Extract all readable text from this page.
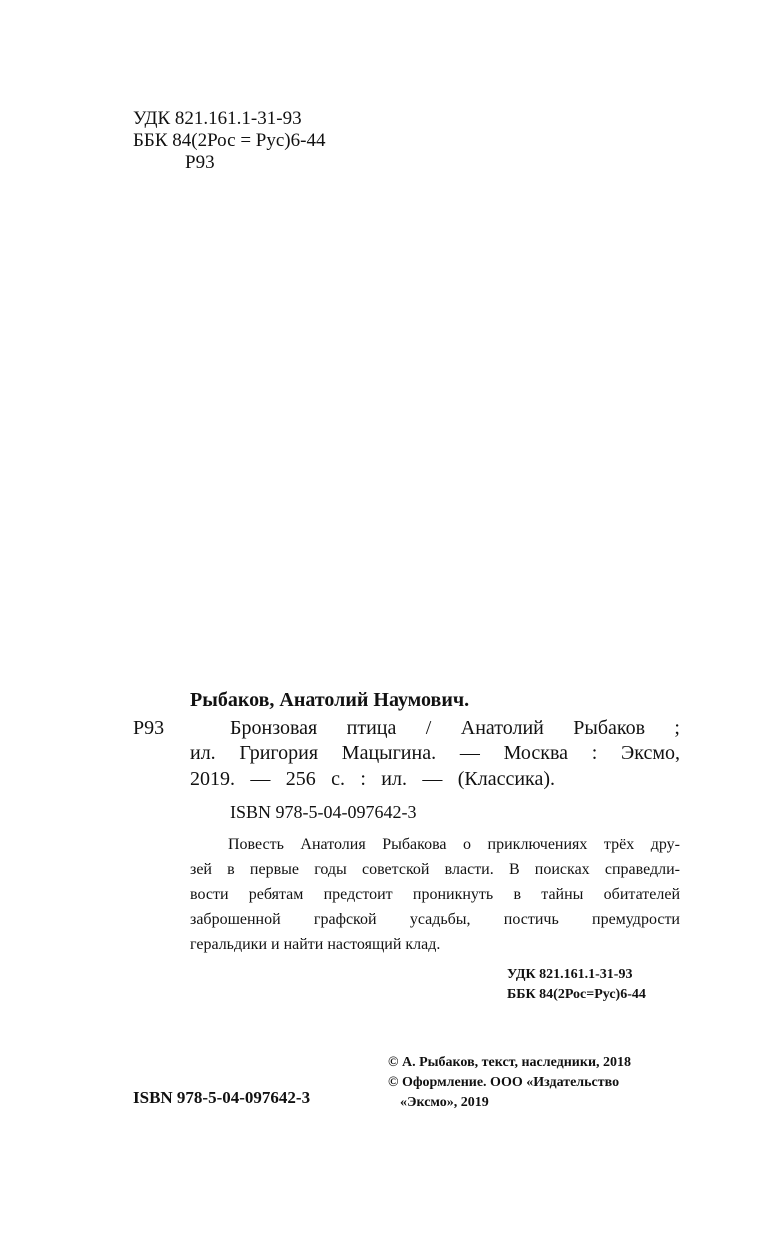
УДК 821.161.1-31-93
ББК 84(2Рос = Рус)6-44
Р93
Рыбаков, Анатолий Наумович.
Р93	Бронзовая птица / Анатолий Рыбаков ;
ил. Григория Мацыгина. — Москва : Эксмо,
2019. — 256 с. : ил. — (Классика).
ISBN 978-5-04-097642-3
Повесть Анатолия Рыбакова о приключениях трёх дру-
зей в первые годы советской власти. В поисках справедли-
вости ребятам предстоит проникнуть в тайны обитателей
заброшенной графской усадьбы, постичь премудрости
геральдики и найти настоящий клад.
УДК 821.161.1-31-93
ББК 84(2Рос=Рус)6-44
ISBN 978-5-04-097642-3
© А. Рыбаков, текст, наследники, 2018
© Оформление. ООО «Издательство
«Эксмо», 2019
